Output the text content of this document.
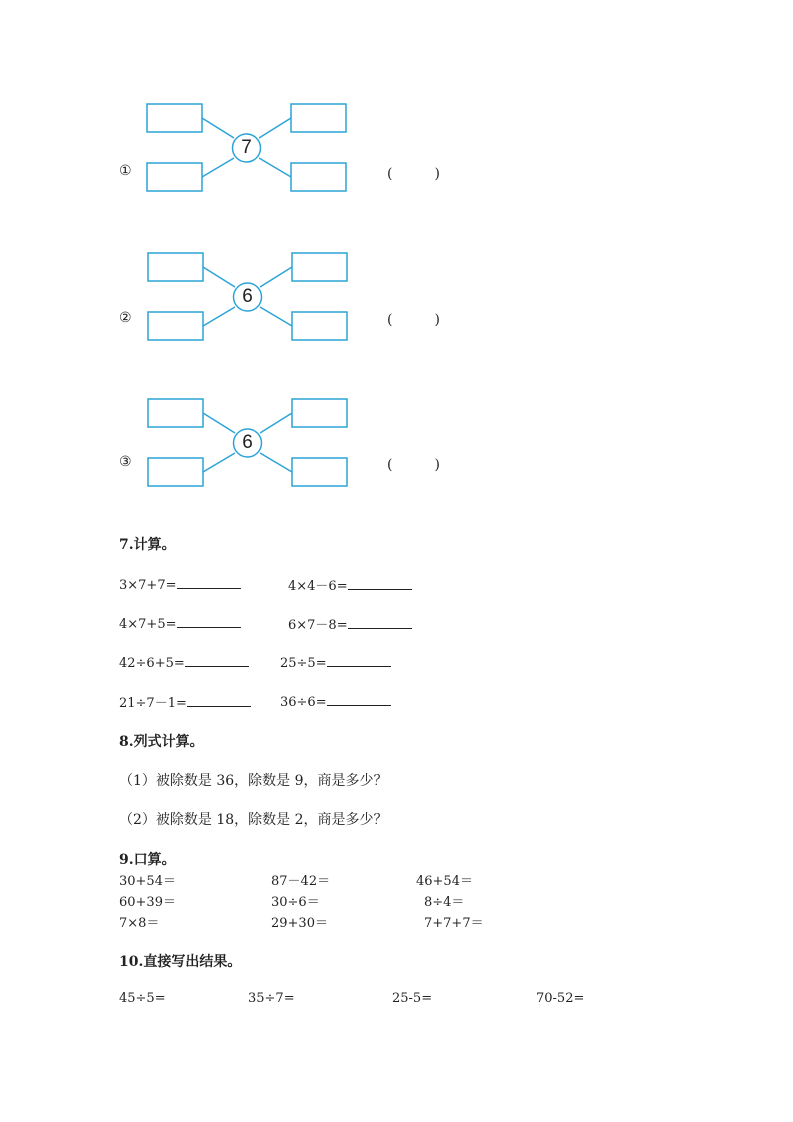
7
①	(　　　)
6
②	(　　　)
6
③	(　　　)
7.计算。
3×7+7=	4×4－6=
4×7+5=	6×7－8=
42÷6+5=	25÷5=
21÷7－1=	36÷6=
8.列式计算。
（1）被除数是 36，除数是 9，商是多少？
（2）被除数是 18，除数是 2，商是多少？
9.口算。
30+54＝	87－42＝	46+54＝
60+39＝	30÷6＝	8÷4＝
7×8＝	29+30＝	7+7+7＝
10.直接写出结果。
45÷5=	35÷7=	25-5=	70-52=
